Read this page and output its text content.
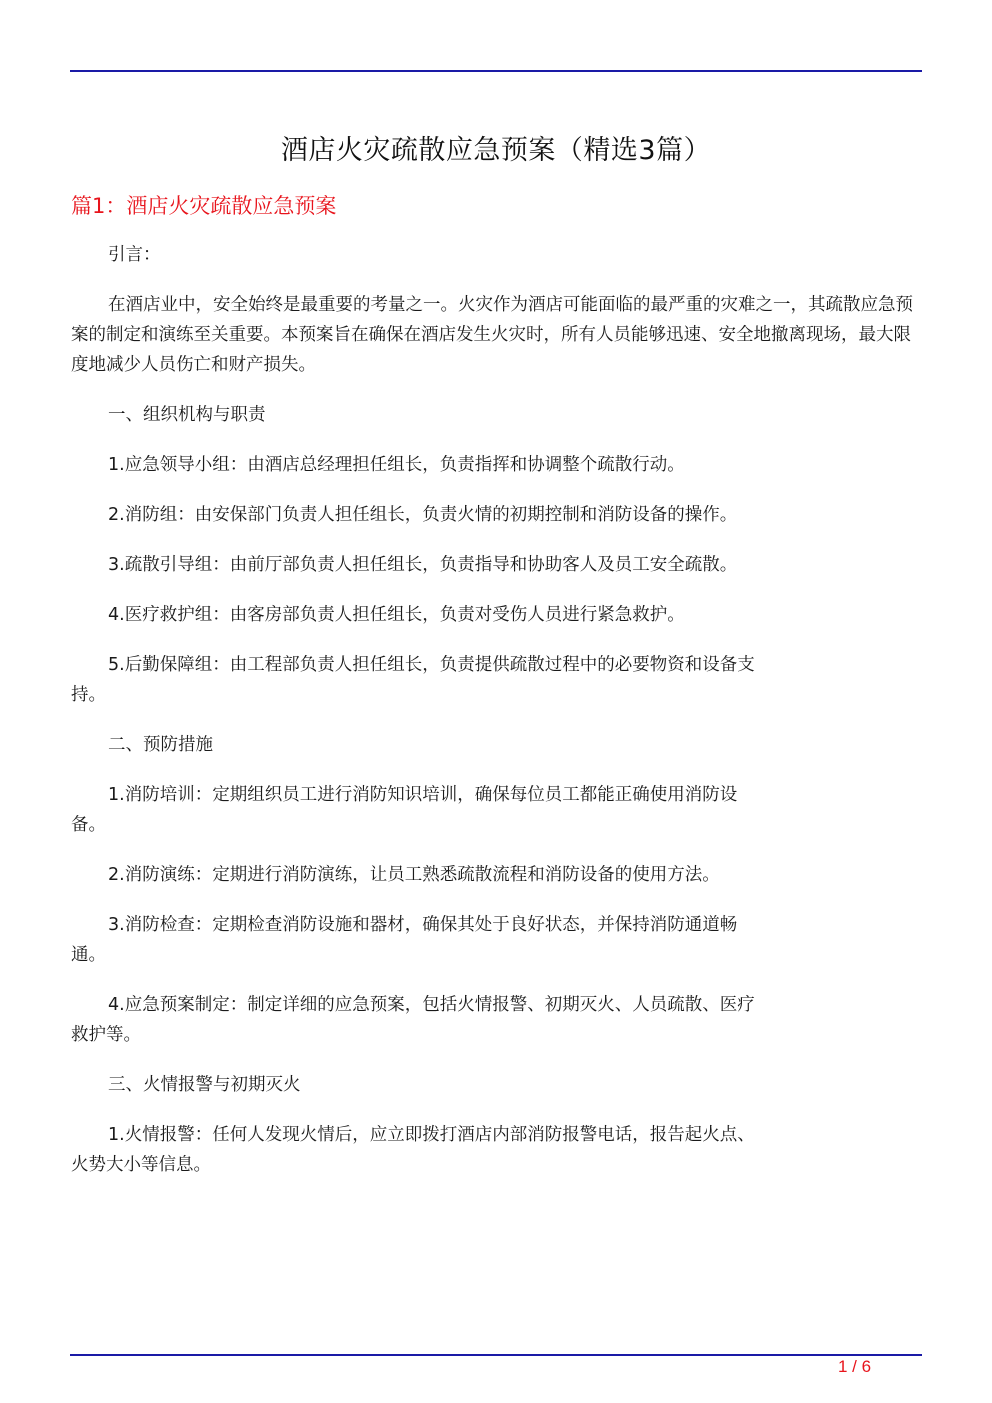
酒店火灾疏散应急预案（精选3篇）
篇1：酒店火灾疏散应急预案

引言：

在酒店业中，安全始终是最重要的考量之一。火灾作为酒店可能面临的最严重的灾难之一，其疏散应急预案的制定和演练至关重要。本预案旨在确保在酒店发生火灾时，所有人员能够迅速、安全地撤离现场，最大限度地减少人员伤亡和财产损失。

一、组织机构与职责

1.应急领导小组：由酒店总经理担任组长，负责指挥和协调整个疏散行动。

2.消防组：由安保部门负责人担任组长，负责火情的初期控制和消防设备的操作。

3.疏散引导组：由前厅部负责人担任组长，负责指导和协助客人及员工安全疏散。

4.医疗救护组：由客房部负责人担任组长，负责对受伤人员进行紧急救护。

5.后勤保障组：由工程部负责人担任组长，负责提供疏散过程中的必要物资和设备支持。

二、预防措施

1.消防培训：定期组织员工进行消防知识培训，确保每位员工都能正确使用消防设备。

2.消防演练：定期进行消防演练，让员工熟悉疏散流程和消防设备的使用方法。

3.消防检查：定期检查消防设施和器材，确保其处于良好状态，并保持消防通道畅通。

4.应急预案制定：制定详细的应急预案，包括火情报警、初期灭火、人员疏散、医疗救护等。

三、火情报警与初期灭火

1.火情报警：任何人发现火情后，应立即拨打酒店内部消防报警电话，报告起火点、火势大小等信息。

1 / 6
